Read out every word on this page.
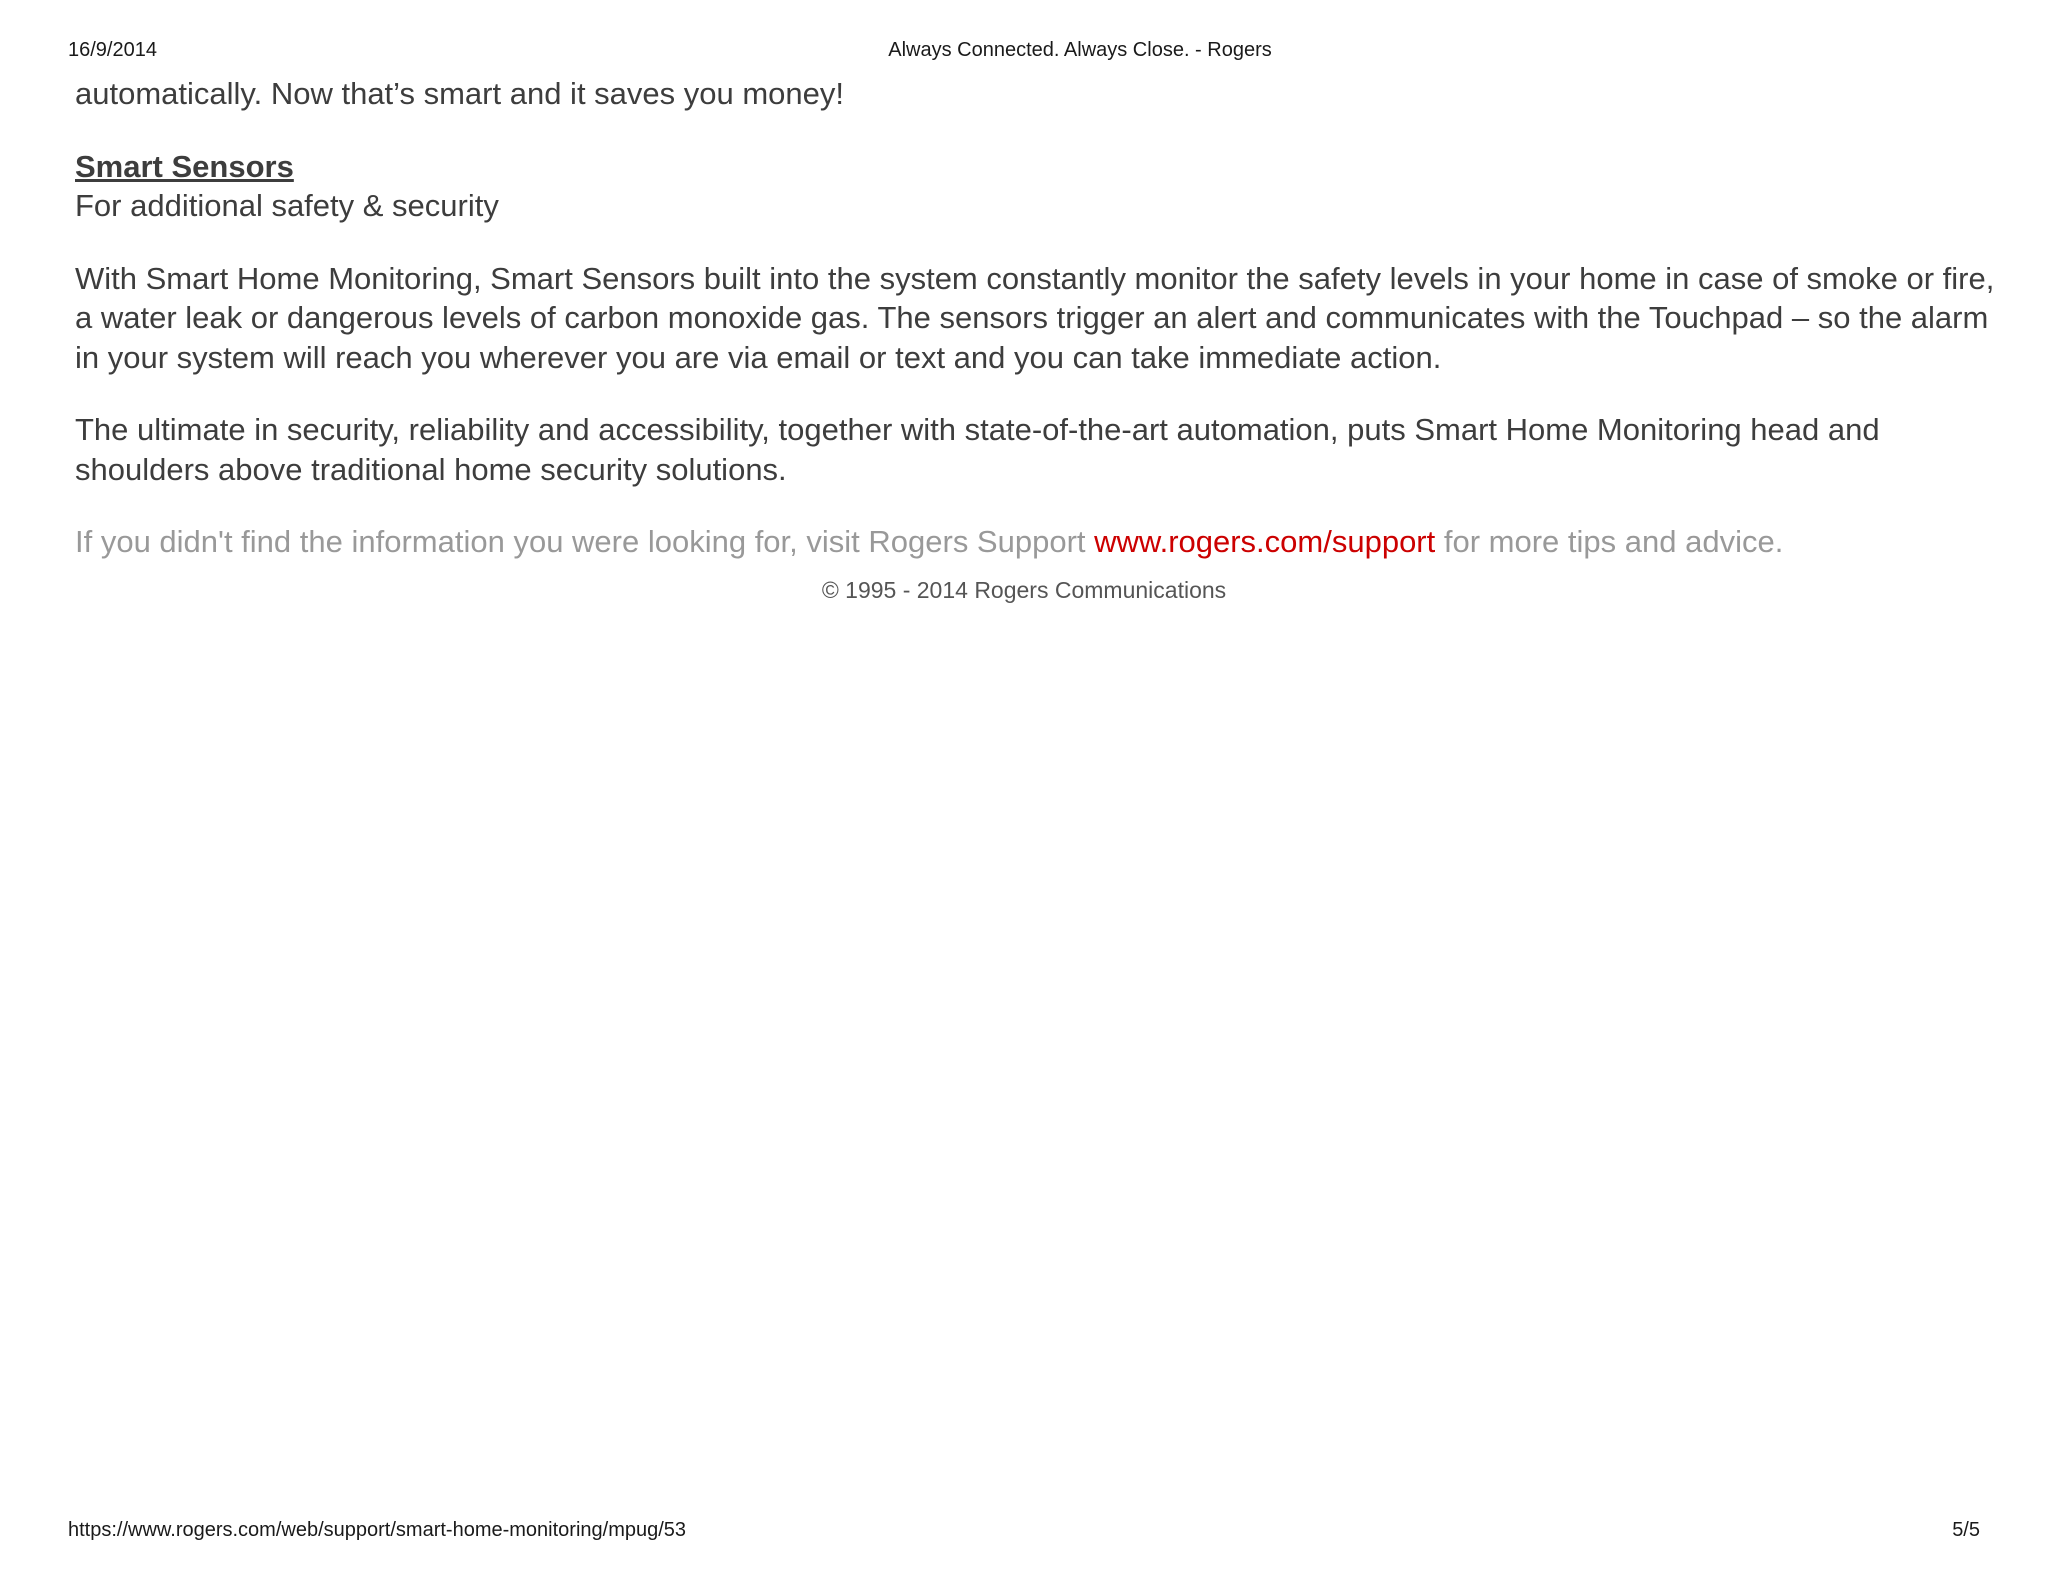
16/9/2014	Always Connected. Always Close. - Rogers

automatically. Now that’s smart and it saves you money!

Smart Sensors

For additional safety & security

With Smart Home Monitoring, Smart Sensors built into the system constantly monitor the safety levels in your home in case of smoke or fire, a water leak or dangerous levels of carbon monoxide gas. The sensors trigger an alert and communicates with the Touchpad – so the alarm in your system will reach you wherever you are via email or text and you can take immediate action.

The ultimate in security, reliability and accessibility, together with state-of-the-art automation, puts Smart Home Monitoring head and shoulders above traditional home security solutions.

If you didn't find the information you were looking for, visit Rogers Support www.rogers.com/support for more tips and advice.

© 1995 - 2014 Rogers Communications
https://www.rogers.com/web/support/smart-home-monitoring/mpug/53	5/5
